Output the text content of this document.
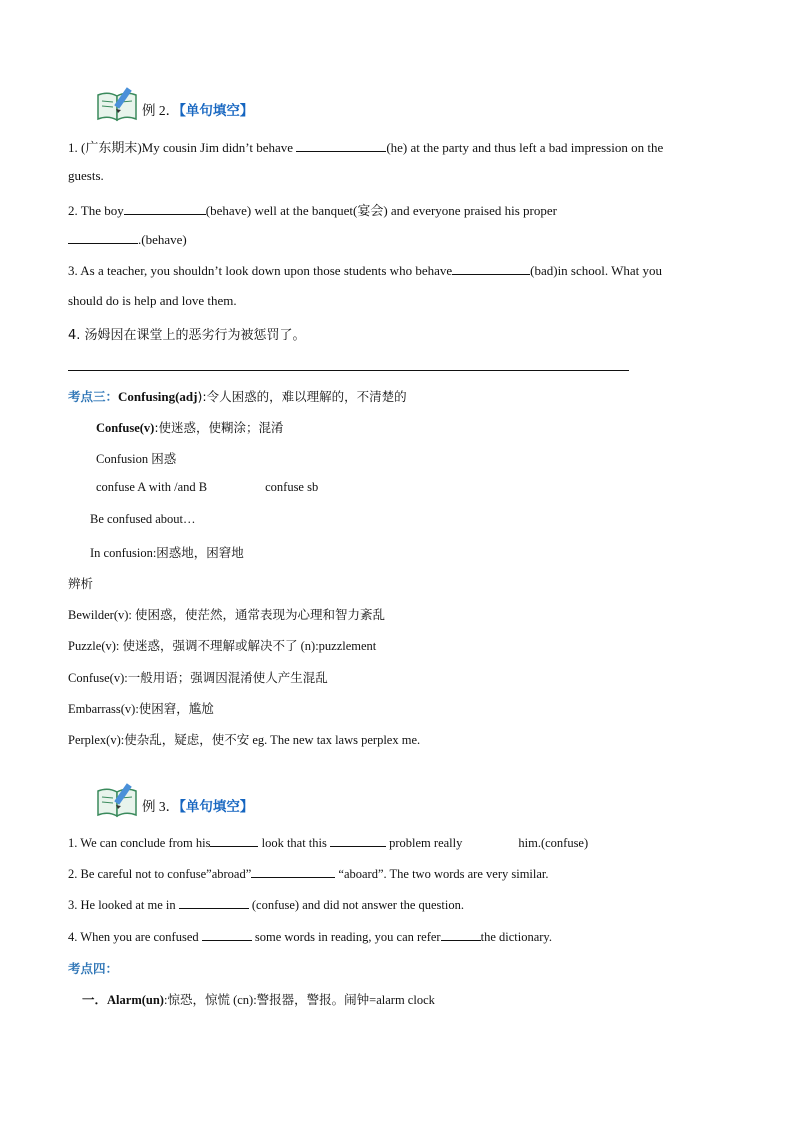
例 2．【单句填空】
1. (广东期末)My cousin Jim didn’t behave	(he) at the party and thus left a bad impression on the
guests.
2. The boy	(behave) well at the banquet(宴会) and everyone praised his proper
.(behave)
3. As a teacher, you shouldn’t look down upon those students who behave	(bad)in school. What you
should do is help and love them.
4. 汤姆因在课堂上的恶劣行为被惩罚了。
考点三：Confusing(adj):令人困惑的，难以理解的，不清楚的
Confuse(v):使迷惑，使糊涂；混淆
Confusion 困惑
confuse A with /and B	confuse sb
Be confused about…
In confusion:困惑地，困窘地
辨析
Bewilder(v): 使困惑，使茫然，通常表现为心理和智力紊乱
Puzzle(v): 使迷惑，强调不理解或解决不了 (n):puzzlement
Confuse(v):一般用语；强调因混淆使人产生混乱
Embarrass(v):使困窘，尴尬
Perplex(v):使杂乱，疑虑，使不安 eg. The new tax laws perplex me.
例 3．【单句填空】
1. We can conclude from his	look that this	problem really	him.(confuse)
2. Be careful not to confuse”abroad”	“aboard”. The two words are very similar.
3. He looked at me in	(confuse) and did not answer the question.
4. When you are confused	some words in reading, you can refer	the dictionary.
考点四：
一．Alarm(un):惊恐，惊慌 (cn):警报器，警报。闹钟=alarm clock
